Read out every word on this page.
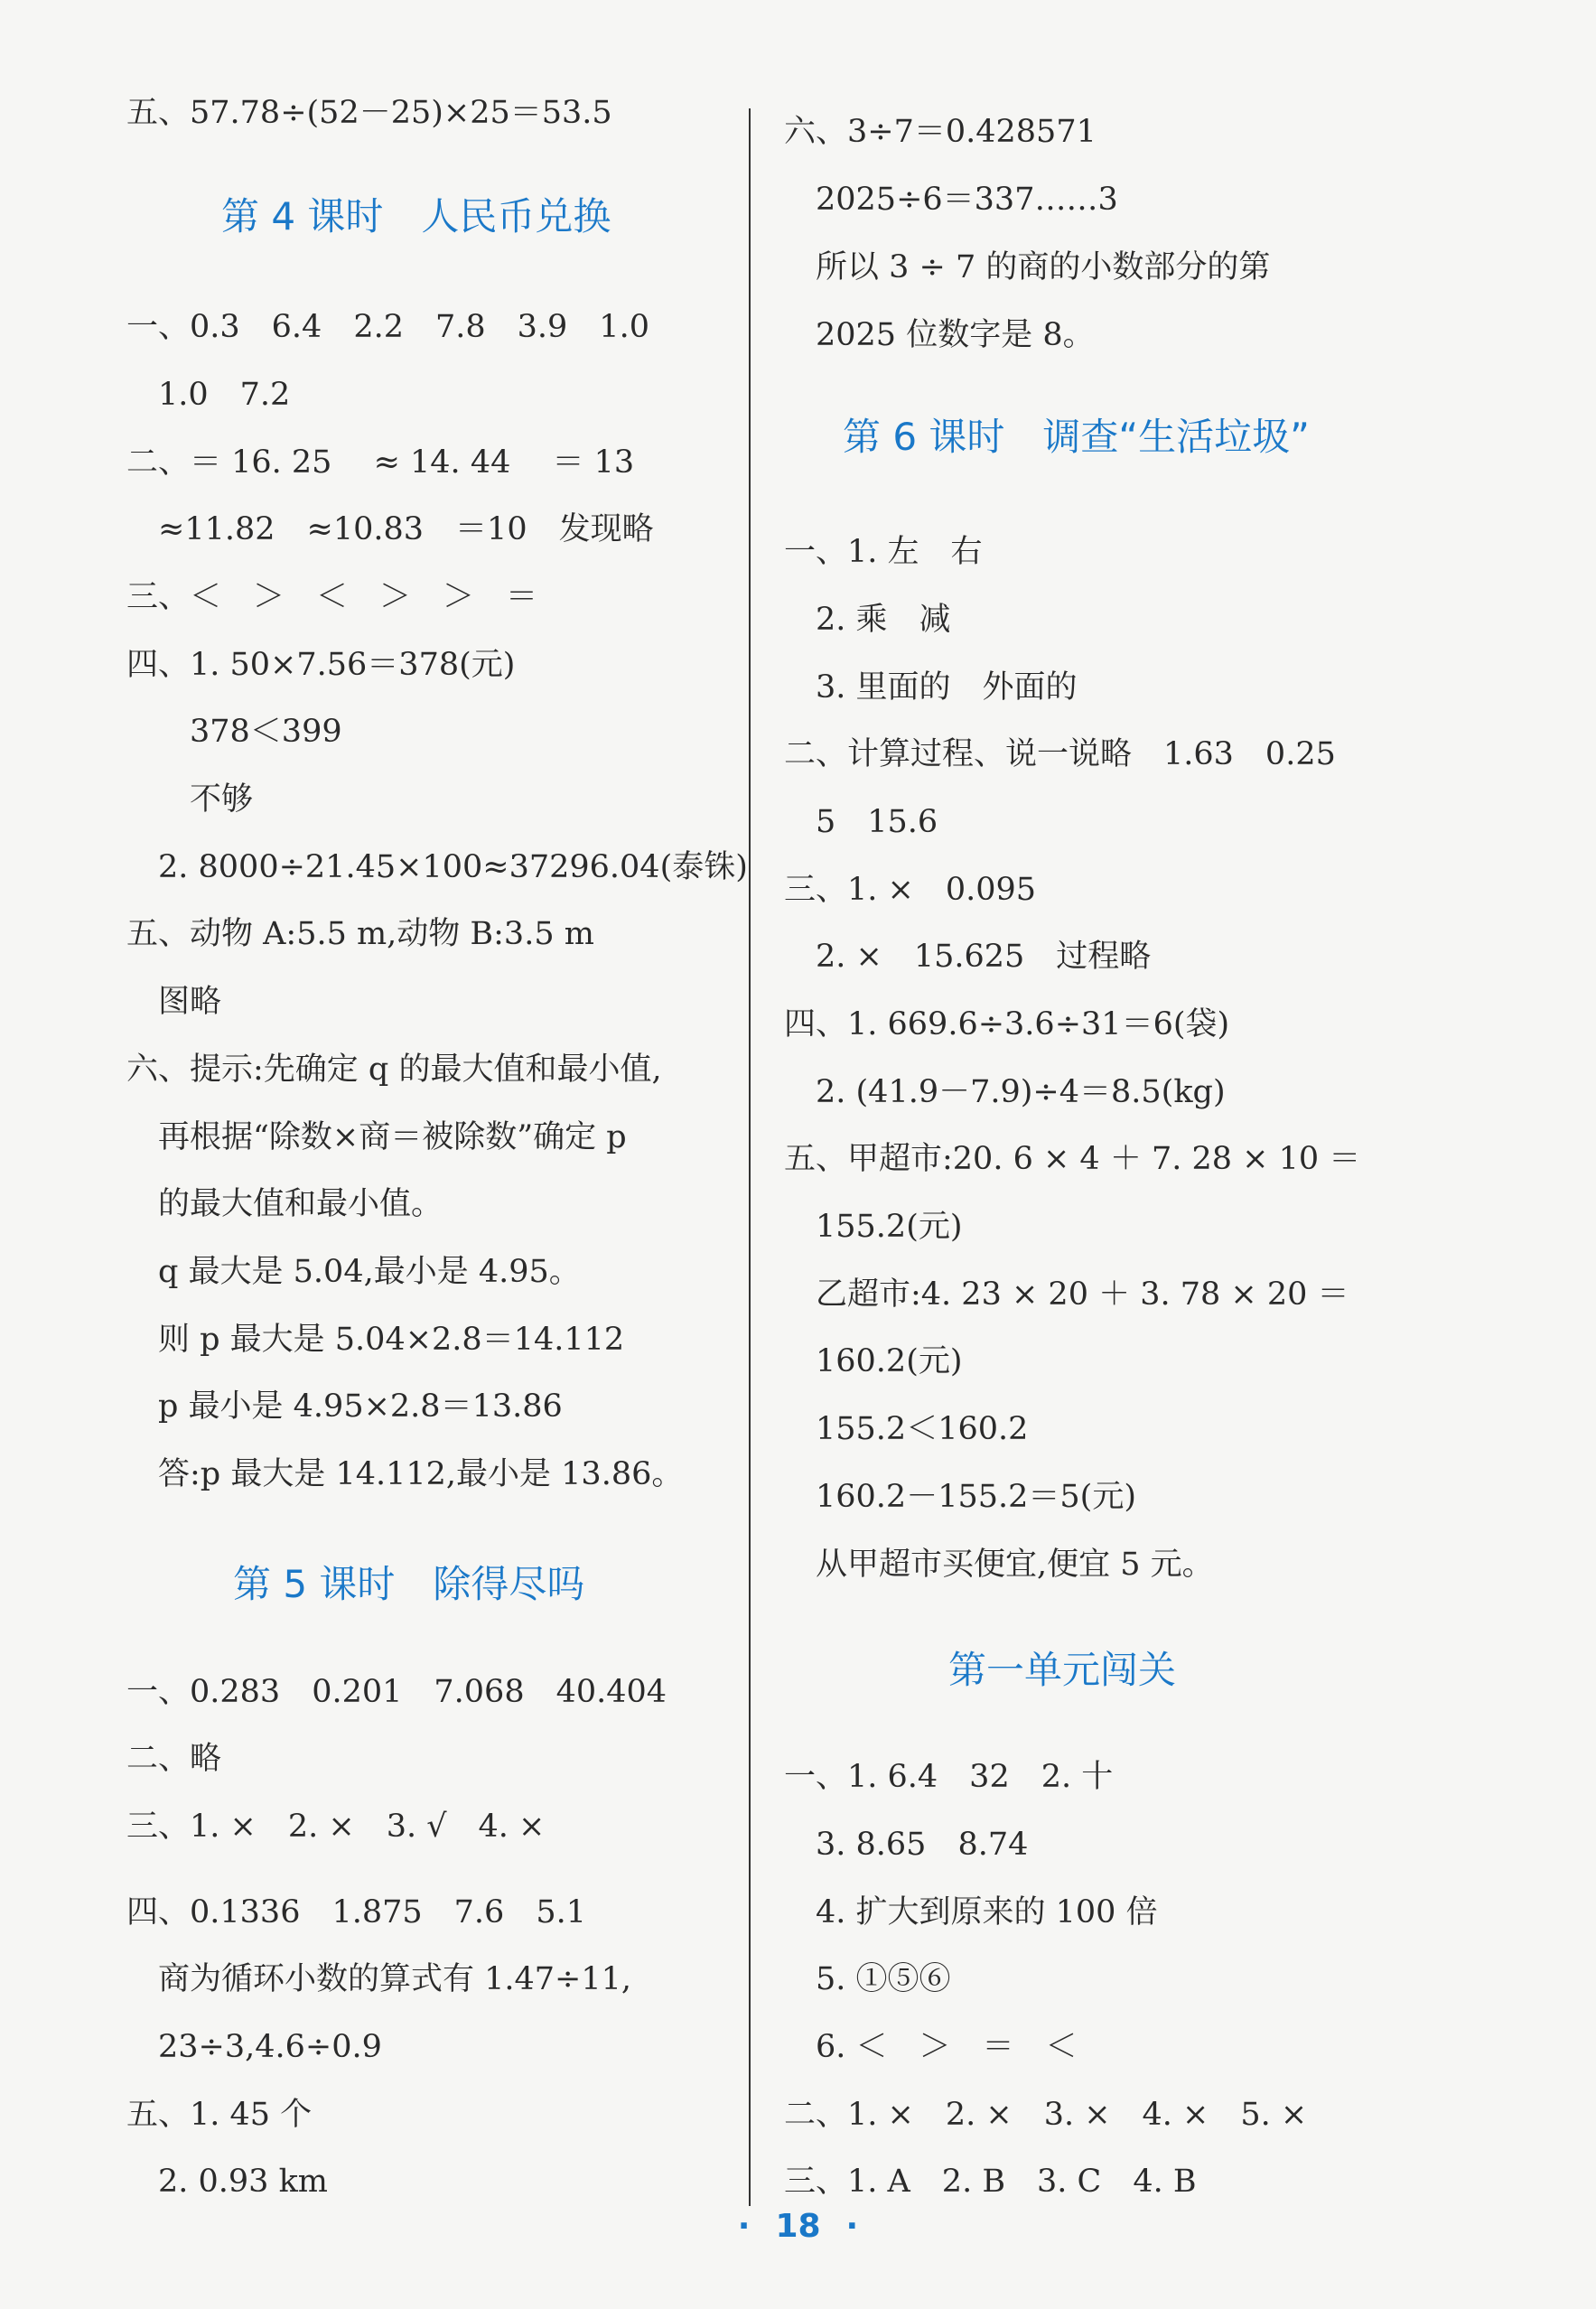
五、57.78÷(52－25)×25＝53.5
第 4 课时　人民币兑换
一、0.3　6.4　2.2　7.8　3.9　1.0
　1.0　7.2
二、＝ 16. 25　 ≈ 14. 44　 ＝ 13
　≈11.82　≈10.83　＝10　发现略
三、＜　＞　＜　＞　＞　＝
四、1. 50×7.56＝378(元)
　　378＜399
　　不够
　2. 8000÷21.45×100≈37296.04(泰铢)
五、动物 A:5.5 m,动物 B:3.5 m
　图略
六、提示:先确定 q 的最大值和最小值,
　再根据“除数×商＝被除数”确定 p
　的最大值和最小值。
　q 最大是 5.04,最小是 4.95。
　则 p 最大是 5.04×2.8＝14.112
　p 最小是 4.95×2.8＝13.86
　答:p 最大是 14.112,最小是 13.86。
第 5 课时　除得尽吗
一、0.283　0.201　7.068　40.404
二、略
三、1. ×　2. ×　3. √　4. ×
四、0.1336　1.875　7.6　5.1
　商为循环小数的算式有 1.47÷11,
　23÷3,4.6÷0.9
五、1. 45 个
　2. 0.93 km
六、3÷7＝0.428571
　2025÷6＝337……3
　所以 3 ÷ 7 的商的小数部分的第
　2025 位数字是 8。
第 6 课时　调查“生活垃圾”
一、1. 左　右
　2. 乘　减
　3. 里面的　外面的
二、计算过程、说一说略　1.63　0.25
　5　15.6
三、1. ×　0.095
　2. ×　15.625　过程略
四、1. 669.6÷3.6÷31＝6(袋)
　2. (41.9－7.9)÷4＝8.5(kg)
五、甲超市:20. 6 × 4 ＋ 7. 28 × 10 ＝
　155.2(元)
　乙超市:4. 23 × 20 ＋ 3. 78 × 20 ＝
　160.2(元)
　155.2＜160.2
　160.2－155.2＝5(元)
　从甲超市买便宜,便宜 5 元。
第一单元闯关
一、1. 6.4　32　2. 十
　3. 8.65　8.74
　4. 扩大到原来的 100 倍
　5. ①⑤⑥
　6. ＜　＞　＝　＜
二、1. ×　2. ×　3. ×　4. ×　5. ×
三、1. A　2. B　3. C　4. B
· 18 ·
